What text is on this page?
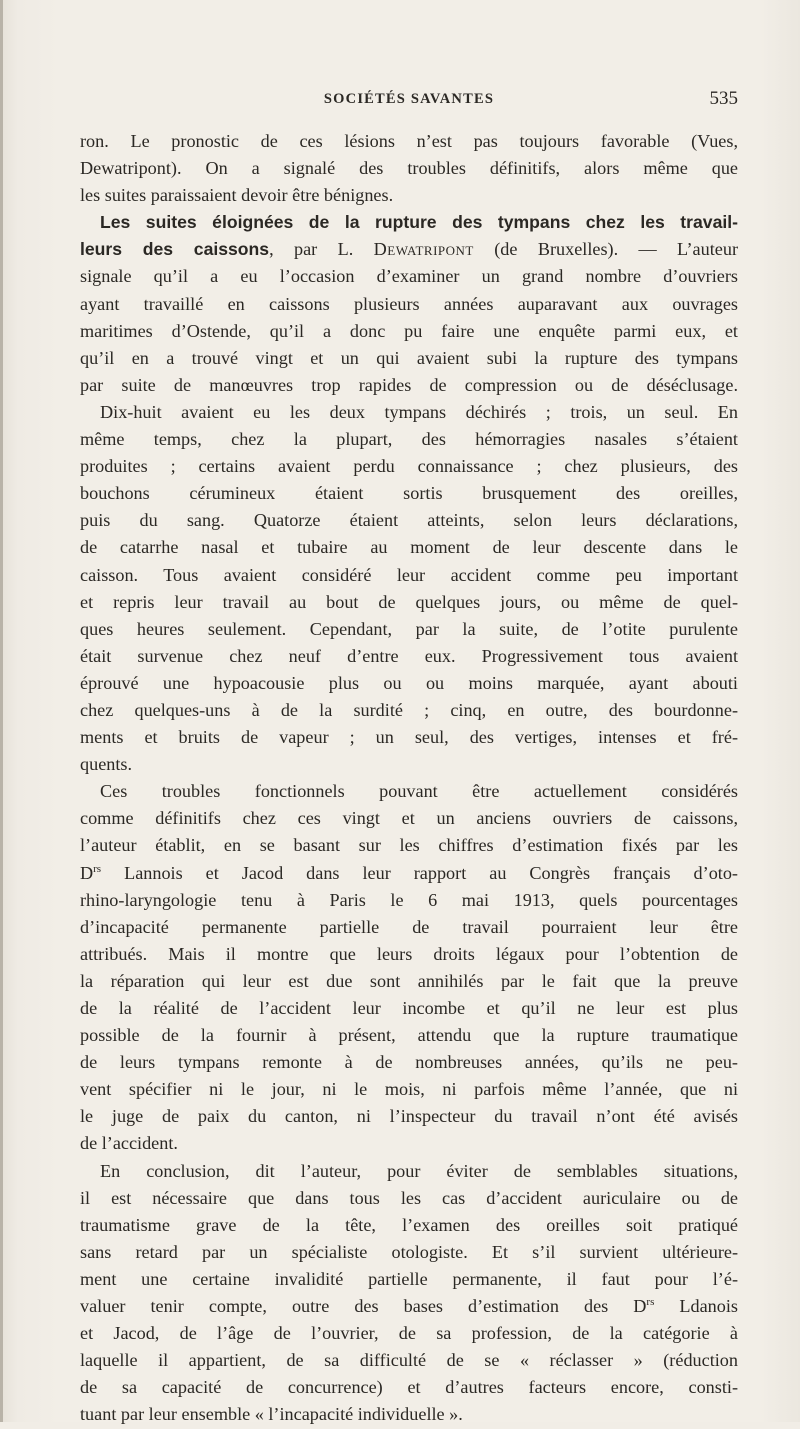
SOCIÉTÉS SAVANTES	535
ron. Le pronostic de ces lésions n’est pas toujours favorable (Vues,
Dewatripont). On a signalé des troubles définitifs, alors même que
les suites paraissaient devoir être bénignes.
Les suites éloignées de la rupture des tympans chez les travail-
leurs des caissons, par L. Dewatripont (de Bruxelles). — L’auteur
signale qu’il a eu l’occasion d’examiner un grand nombre d’ouvriers
ayant travaillé en caissons plusieurs années auparavant aux ouvrages
maritimes d’Ostende, qu’il a donc pu faire une enquête parmi eux, et
qu’il en a trouvé vingt et un qui avaient subi la rupture des tympans
par suite de manœuvres trop rapides de compression ou de déséclusage.
Dix-huit avaient eu les deux tympans déchirés ; trois, un seul. En
même temps, chez la plupart, des hémorragies nasales s’étaient
produites ; certains avaient perdu connaissance ; chez plusieurs, des
bouchons cérumineux étaient sortis brusquement des oreilles,
puis du sang. Quatorze étaient atteints, selon leurs déclarations,
de catarrhe nasal et tubaire au moment de leur descente dans le
caisson. Tous avaient considéré leur accident comme peu important
et repris leur travail au bout de quelques jours, ou même de quel-
ques heures seulement. Cependant, par la suite, de l’otite purulente
était survenue chez neuf d’entre eux. Progressivement tous avaient
éprouvé une hypoacousie plus ou ou moins marquée, ayant abouti
chez quelques-uns à de la surdité ; cinq, en outre, des bourdonne-
ments et bruits de vapeur ; un seul, des vertiges, intenses et fré-
quents.
Ces troubles fonctionnels pouvant être actuellement considérés
comme définitifs chez ces vingt et un anciens ouvriers de caissons,
l’auteur établit, en se basant sur les chiffres d’estimation fixés par les
$D^{rs}$ Lannois et Jacod dans leur rapport au Congrès français d’oto-
rhino-laryngologie tenu à Paris le 6 mai 1913, quels pourcentages
d’incapacité permanente partielle de travail pourraient leur être
attribués. Mais il montre que leurs droits légaux pour l’obtention de
la réparation qui leur est due sont annihilés par le fait que la preuve
de la réalité de l’accident leur incombe et qu’il ne leur est plus
possible de la fournir à présent, attendu que la rupture traumatique
de leurs tympans remonte à de nombreuses années, qu’ils ne peu-
vent spécifier ni le jour, ni le mois, ni parfois même l’année, que ni
le juge de paix du canton, ni l’inspecteur du travail n’ont été avisés
de l’accident.
En conclusion, dit l’auteur, pour éviter de semblables situations,
il est nécessaire que dans tous les cas d’accident auriculaire ou de
traumatisme grave de la tête, l’examen des oreilles soit pratiqué
sans retard par un spécialiste otologiste. Et s’il survient ultérieure-
ment une certaine invalidité partielle permanente, il faut pour l’é-
valuer tenir compte, outre des bases d’estimation des $D^{rs}$ Ldanois
et Jacod, de l’âge de l’ouvrier, de sa profession, de la catégorie à
laquelle il appartient, de sa difficulté de se « réclasser » (réduction
de sa capacité de concurrence) et d’autres facteurs encore, consti-
tuant par leur ensemble « l’incapacité individuelle ».
